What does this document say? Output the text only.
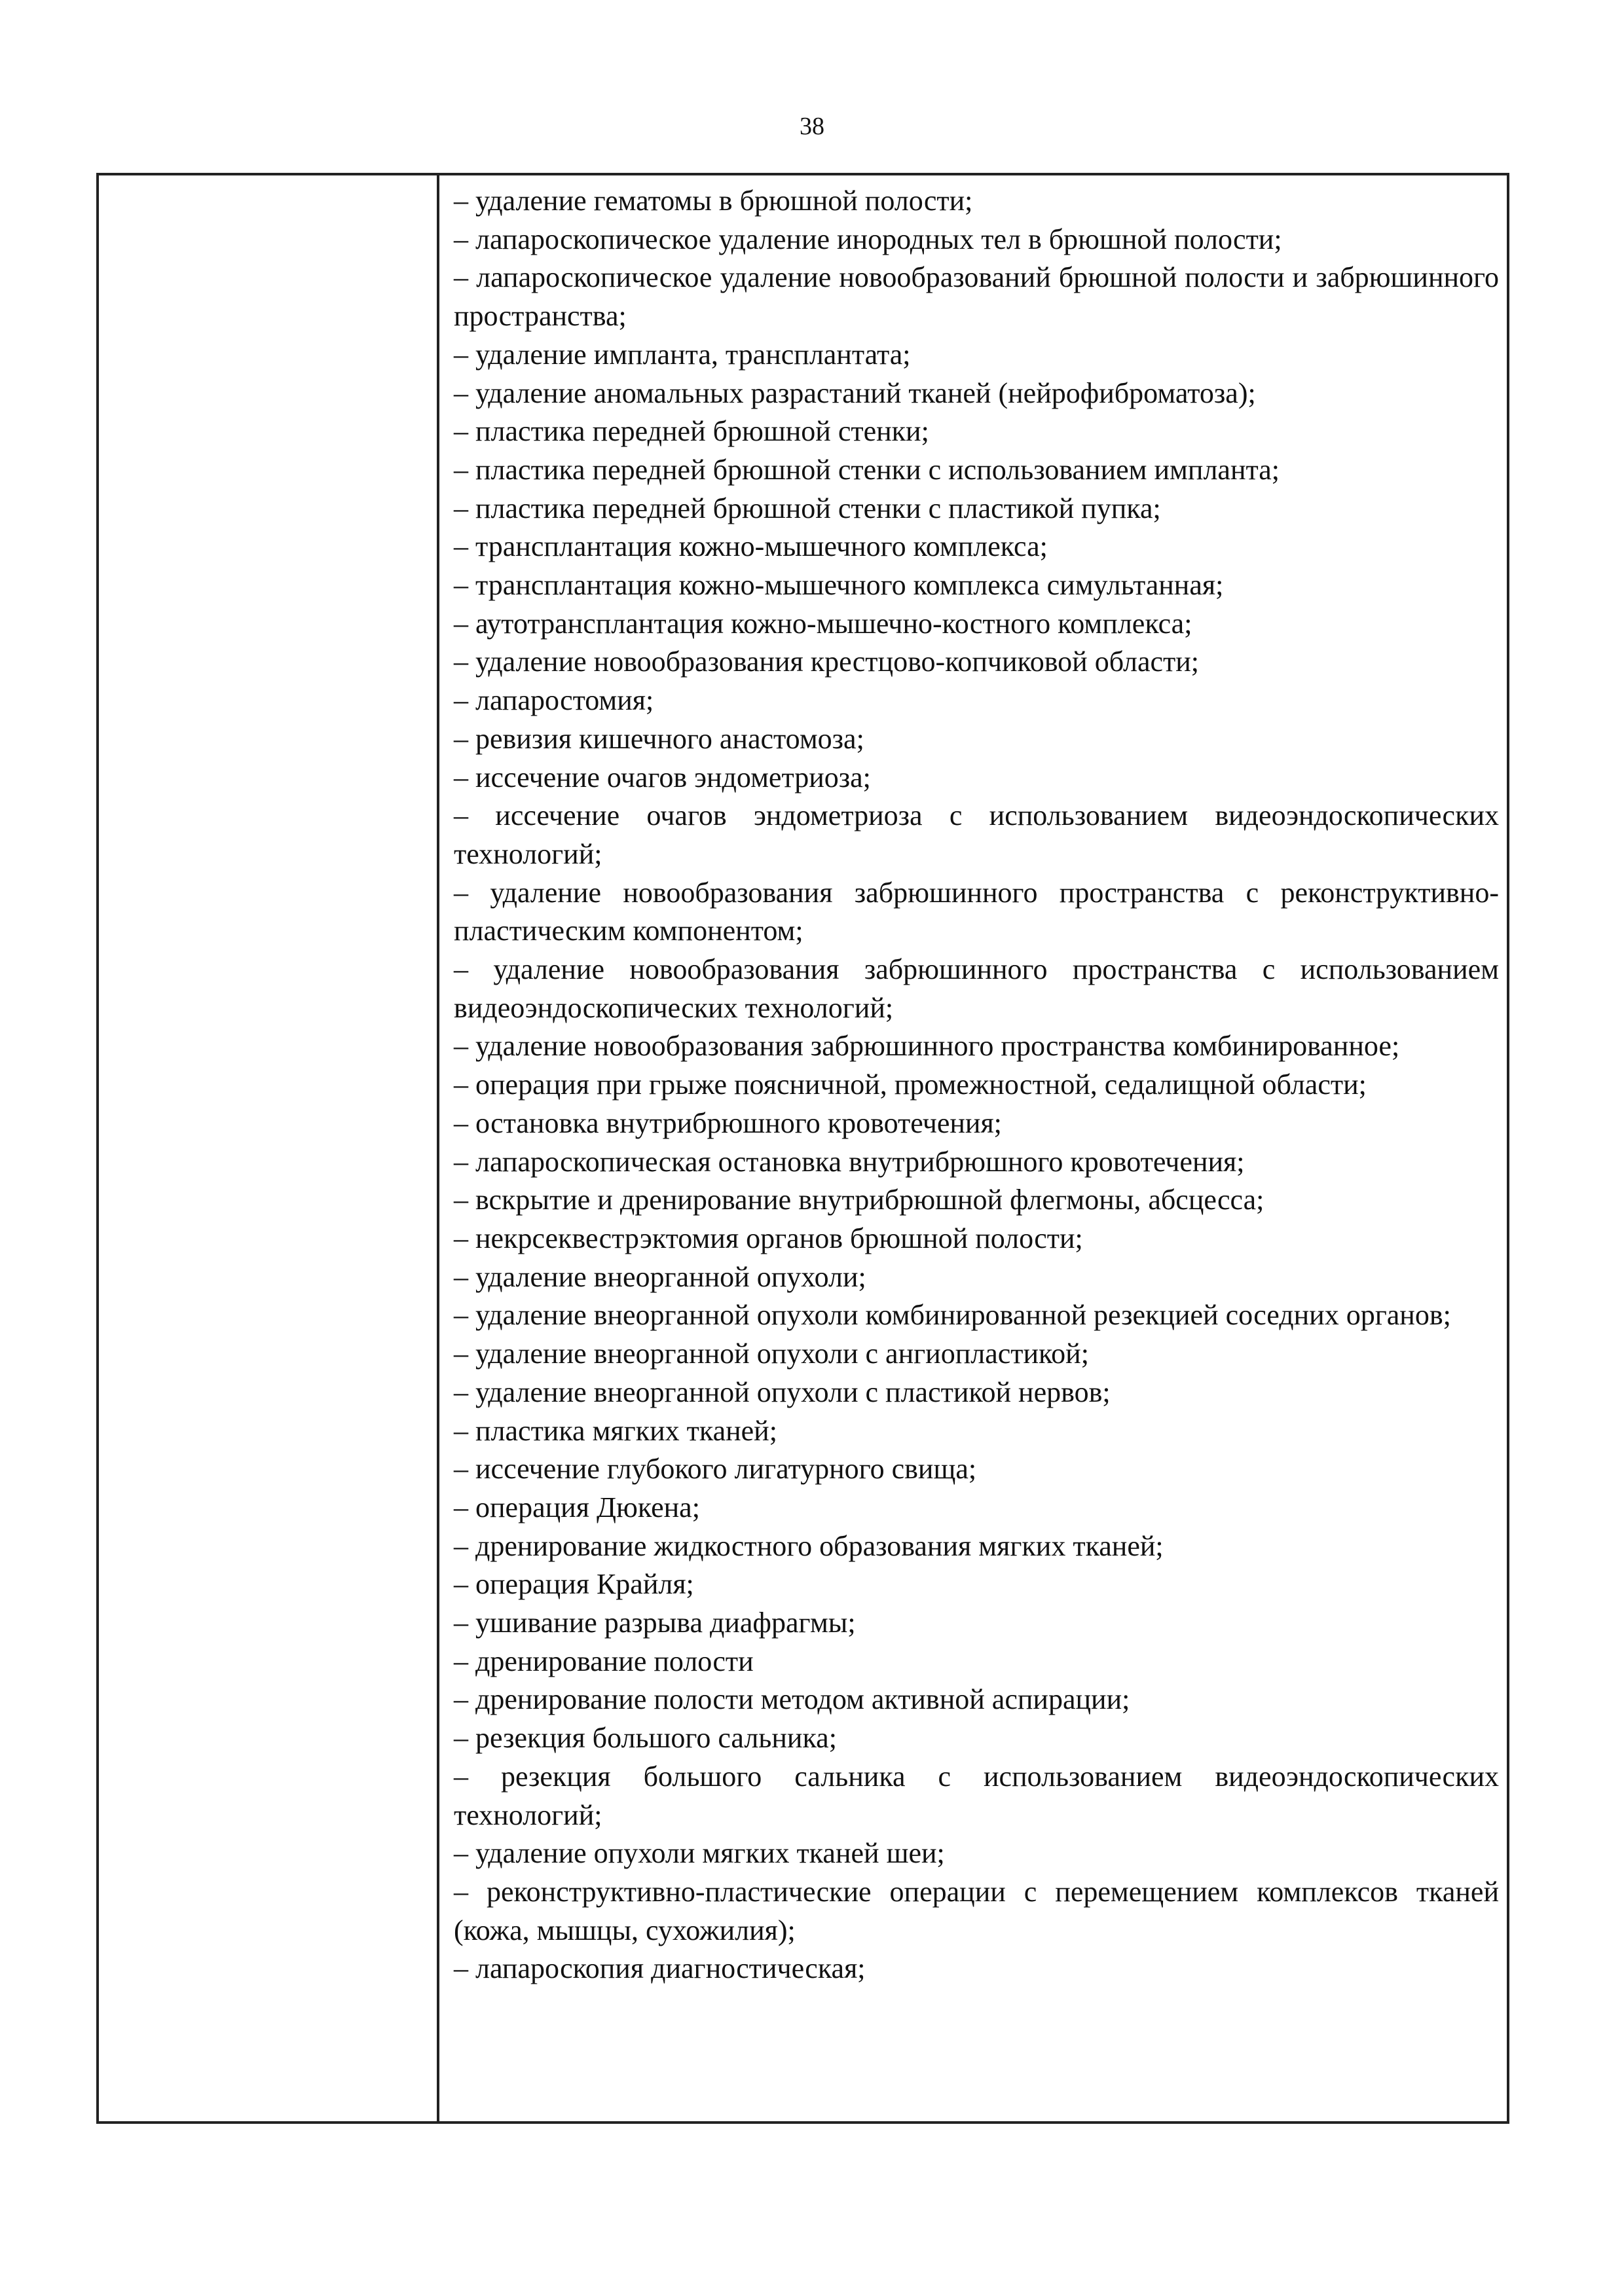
38
– удаление гематомы в брюшной полости;
– лапароскопическое удаление инородных тел в брюшной полости;
– лапароскопическое удаление новообразований брюшной полости и забрюшинного пространства;
– удаление импланта, трансплантата;
– удаление аномальных разрастаний тканей (нейрофиброматоза);
– пластика передней брюшной стенки;
– пластика передней брюшной стенки с использованием импланта;
– пластика передней брюшной стенки с пластикой пупка;
– трансплантация кожно-мышечного комплекса;
– трансплантация кожно-мышечного комплекса симультанная;
– аутотрансплантация кожно-мышечно-костного комплекса;
– удаление новообразования крестцово-копчиковой области;
– лапаростомия;
– ревизия кишечного анастомоза;
– иссечение очагов эндометриоза;
– иссечение очагов эндометриоза с использованием видеоэндоскопических технологий;
– удаление новообразования забрюшинного пространства с реконструктивно-пластическим компонентом;
– удаление новообразования забрюшинного пространства с использованием видеоэндоскопических технологий;
– удаление новообразования забрюшинного пространства комбинированное;
– операция при грыже поясничной, промежностной, седалищной области;
– остановка внутрибрюшного кровотечения;
– лапароскопическая остановка внутрибрюшного кровотечения;
– вскрытие и дренирование внутрибрюшной флегмоны, абсцесса;
– некрсеквестрэктомия органов брюшной полости;
– удаление внеорганной опухоли;
– удаление внеорганной опухоли комбинированной резекцией соседних органов;
– удаление внеорганной опухоли с ангиопластикой;
– удаление внеорганной опухоли с пластикой нервов;
– пластика мягких тканей;
– иссечение глубокого лигатурного свища;
– операция Дюкена;
– дренирование жидкостного образования мягких тканей;
– операция Крайля;
– ушивание разрыва диафрагмы;
– дренирование полости
– дренирование полости методом активной аспирации;
– резекция большого сальника;
– резекция большого сальника с использованием видеоэндоскопических технологий;
– удаление опухоли мягких тканей шеи;
– реконструктивно-пластические операции с перемещением комплексов тканей (кожа, мышцы, сухожилия);
– лапароскопия диагностическая;
